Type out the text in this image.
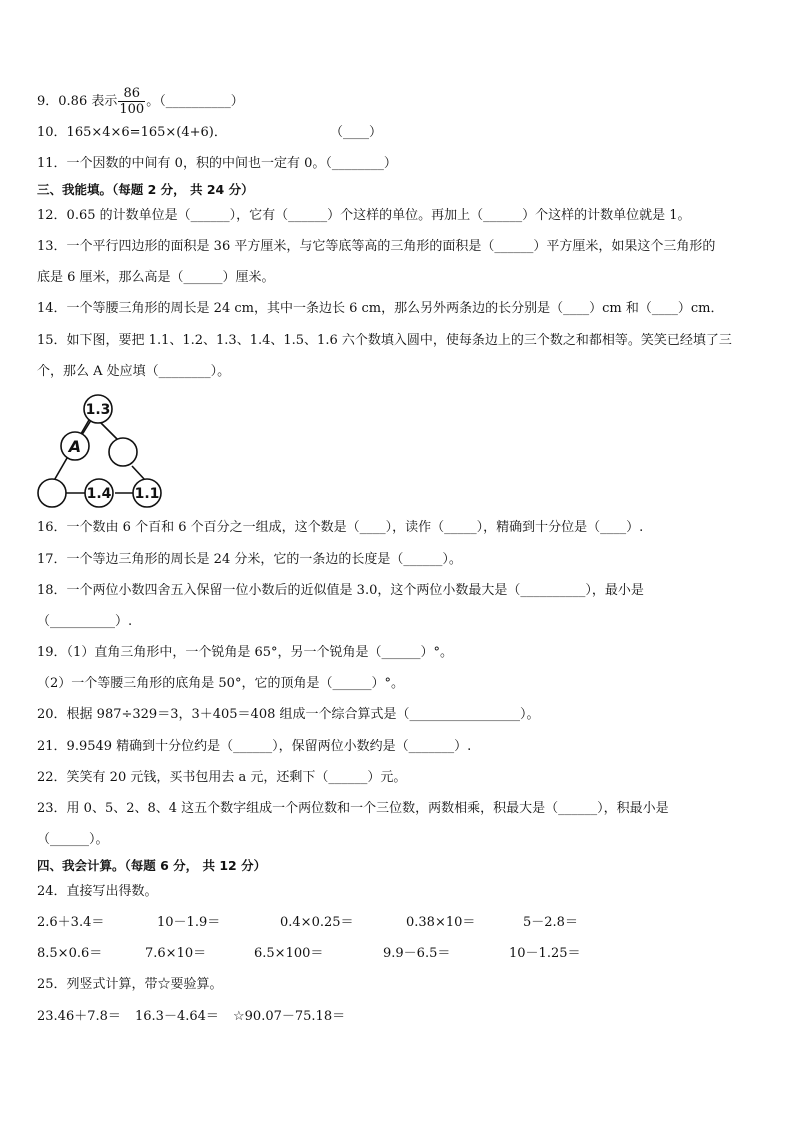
9．0.86 表示 $\frac{86}{100}$ 。（__________）
10．165×4×6=165×(4+6)．	（____）
11．一个因数的中间有 0，积的中间也一定有 0。（________）
三、我能填。（每题 2 分， 共 24 分）
12．0.65 的计数单位是（______），它有（______）个这样的单位。再加上（______）个这样的计数单位就是 1。
13．一个平行四边形的面积是 36 平方厘米，与它等底等高的三角形的面积是（______）平方厘米，如果这个三角形的
底是 6 厘米，那么高是（______）厘米。
14．一个等腰三角形的周长是 24 cm，其中一条边长 6 cm，那么另外两条边的长分别是（____）cm 和（____）cm．
15．如下图，要把 1.1、1.2、1.3、1.4、1.5、1.6 六个数填入圆中，使每条边上的三个数之和都相等。笑笑已经填了三
个，那么 A 处应填（________）。
1.3
A
1.4 1.1
16．一个数由 6 个百和 6 个百分之一组成，这个数是（____），读作（_____），精确到十分位是（____）.
17．一个等边三角形的周长是 24 分米，它的一条边的长度是（______）。
18．一个两位小数四舍五入保留一位小数后的近似值是 3.0，这个两位小数最大是（__________），最小是
（__________）.
19．（1）直角三角形中，一个锐角是 65°，另一个锐角是（______）°。
（2）一个等腰三角形的底角是 50°，它的顶角是（______）°。
20．根据 987÷329＝3，3＋405＝408 组成一个综合算式是（_________________）。
21．9.9549 精确到十分位约是（______），保留两位小数约是（_______）.
22．笑笑有 20 元钱，买书包用去 a 元，还剩下（______）元。
23．用 0、5、2、8、4 这五个数字组成一个两位数和一个三位数，两数相乘，积最大是（______），积最小是
（______）。
四、我会计算。（每题 6 分， 共 12 分）
24．直接写出得数。
2.6＋3.4＝	10－1.9＝	0.4×0.25＝	0.38×10＝	5－2.8＝
8.5×0.6＝	7.6×10＝	6.5×100＝	9.9－6.5＝	10－1.25＝
25．列竖式计算，带☆要验算。
23.46＋7.8＝ 16.3－4.64＝ ☆90.07－75.18＝
